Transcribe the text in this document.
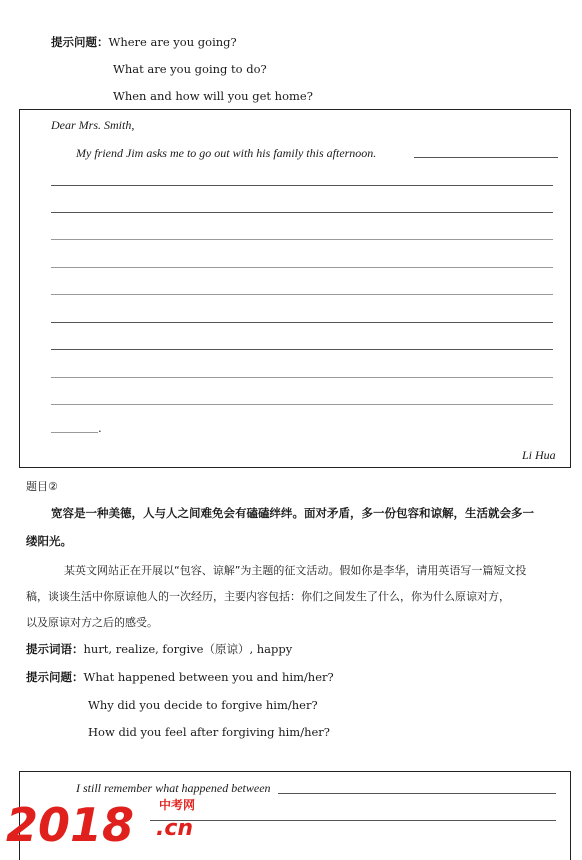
提示问题：Where are you going?
What are you going to do?
When and how will you get home?
Dear Mrs. Smith,
My friend Jim asks me to go out with his family this afternoon.
.
Li Hua
题目②
宽容是一种美德，人与人之间难免会有磕磕绊绊。面对矛盾，多一份包容和谅解，生活就会多一
缕阳光。
某英文网站正在开展以“包容、谅解”为主题的征文活动。假如你是李华，请用英语写一篇短文投
稿，谈谈生活中你原谅他人的一次经历，主要内容包括：你们之间发生了什么，你为什么原谅对方，
以及原谅对方之后的感受。
提示词语：hurt, realize, forgive（原谅）, happy
提示问题：What happened between you and him/her?
Why did you decide to forgive him/her?
How did you feel after forgiving him/her?
I still remember what happened between
2018 中考网
.cn
